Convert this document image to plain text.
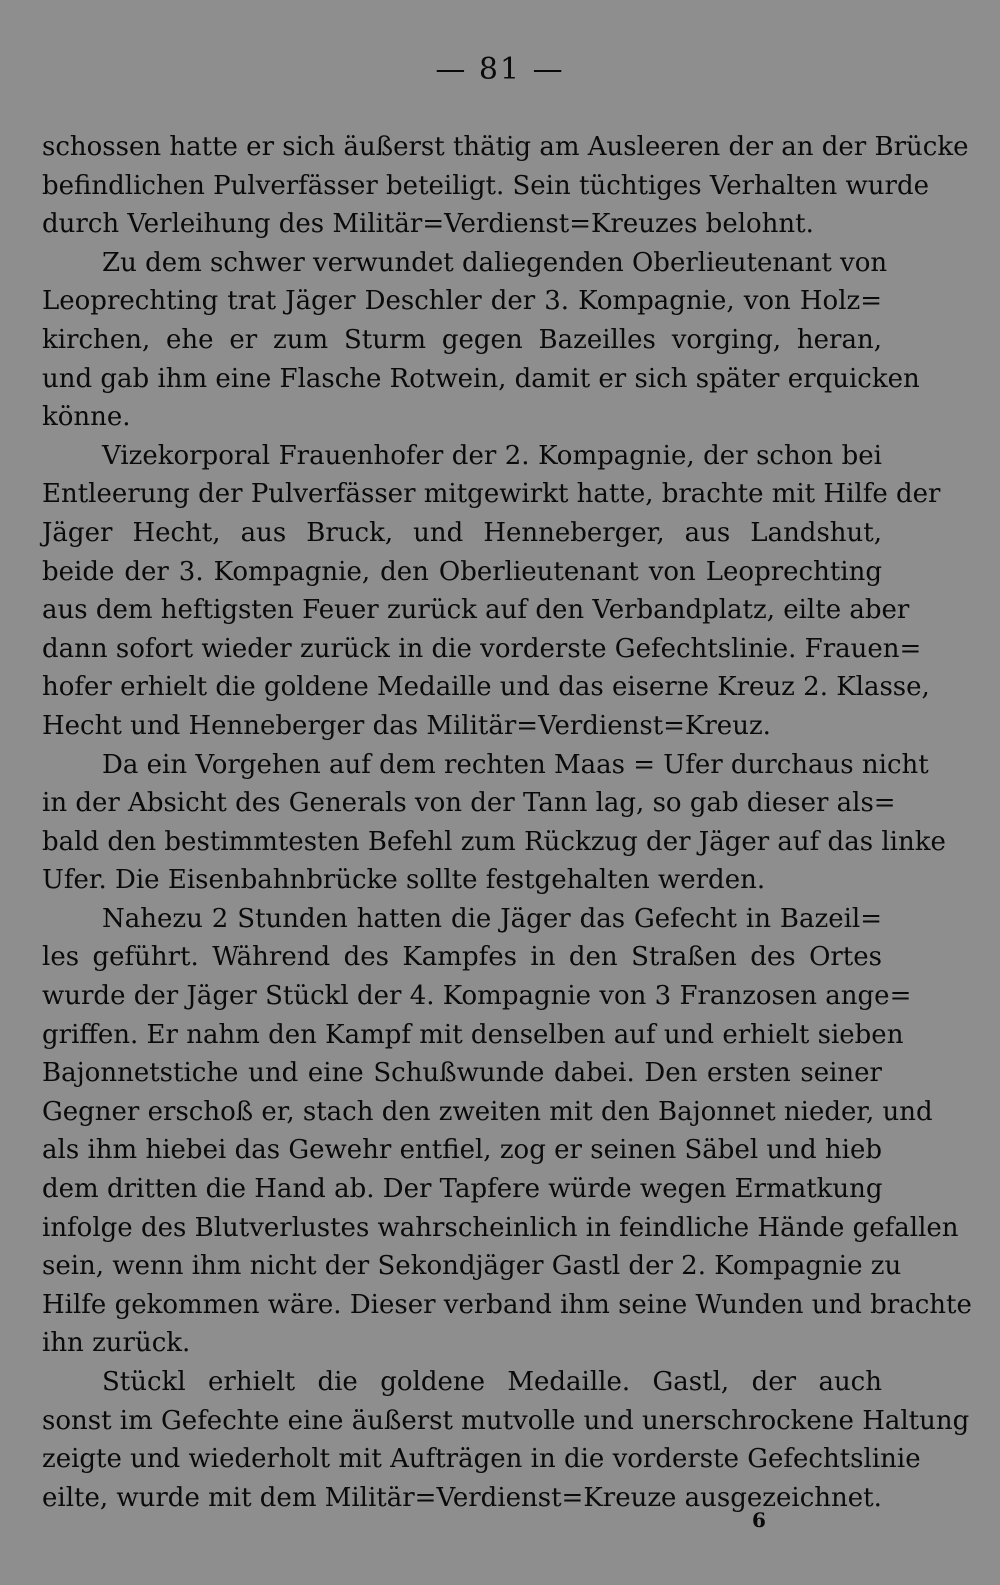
— 81 —
schossen hatte er sich äußerst thätig am Ausleeren der an der Brücke
befindlichen Pulverfässer beteiligt. Sein tüchtiges Verhalten wurde
durch Verleihung des Militär=Verdienst=Kreuzes belohnt.
Zu dem schwer verwundet daliegenden Oberlieutenant von
Leoprechting trat Jäger Deschler der 3. Kompagnie, von Holz=
kirchen, ehe er zum Sturm gegen Bazeilles vorging, heran,
und gab ihm eine Flasche Rotwein, damit er sich später erquicken
könne.
Vizekorporal Frauenhofer der 2. Kompagnie, der schon bei
Entleerung der Pulverfässer mitgewirkt hatte, brachte mit Hilfe der
Jäger Hecht, aus Bruck, und Henneberger, aus Landshut,
beide der 3. Kompagnie, den Oberlieutenant von Leoprechting
aus dem heftigsten Feuer zurück auf den Verbandplatz, eilte aber
dann sofort wieder zurück in die vorderste Gefechtslinie. Frauen=
hofer erhielt die goldene Medaille und das eiserne Kreuz 2. Klasse,
Hecht und Henneberger das Militär=Verdienst=Kreuz.
Da ein Vorgehen auf dem rechten Maas = Ufer durchaus nicht
in der Absicht des Generals von der Tann lag, so gab dieser als=
bald den bestimmtesten Befehl zum Rückzug der Jäger auf das linke
Ufer. Die Eisenbahnbrücke sollte festgehalten werden.
Nahezu 2 Stunden hatten die Jäger das Gefecht in Bazeil=
les geführt. Während des Kampfes in den Straßen des Ortes
wurde der Jäger Stückl der 4. Kompagnie von 3 Franzosen ange=
griffen. Er nahm den Kampf mit denselben auf und erhielt sieben
Bajonnetstiche und eine Schußwunde dabei. Den ersten seiner
Gegner erschoß er, stach den zweiten mit den Bajonnet nieder, und
als ihm hiebei das Gewehr entfiel, zog er seinen Säbel und hieb
dem dritten die Hand ab. Der Tapfere würde wegen Ermatkung
infolge des Blutverlustes wahrscheinlich in feindliche Hände gefallen
sein, wenn ihm nicht der Sekondjäger Gastl der 2. Kompagnie zu
Hilfe gekommen wäre. Dieser verband ihm seine Wunden und brachte
ihn zurück.
Stückl erhielt die goldene Medaille. Gastl, der auch
sonst im Gefechte eine äußerst mutvolle und unerschrockene Haltung
zeigte und wiederholt mit Aufträgen in die vorderste Gefechtslinie
eilte, wurde mit dem Militär=Verdienst=Kreuze ausgezeichnet.
6
